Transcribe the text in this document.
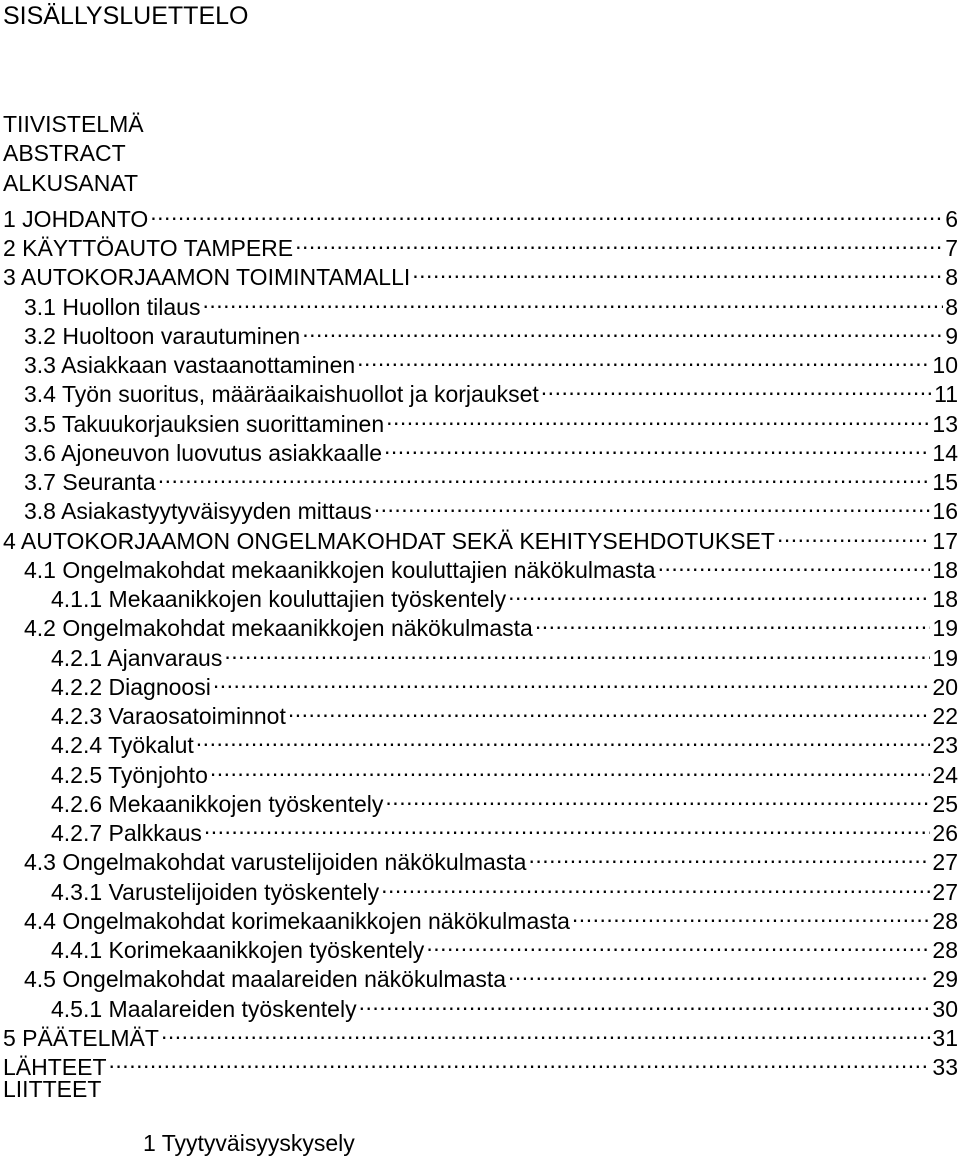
SISÄLLYSLUETTELO
TIIVISTELMÄ
ABSTRACT
ALKUSANAT
1 JOHDANTO .....	6
2 KÄYTTÖAUTO TAMPERE .....	7
3 AUTOKORJAAMON TOIMINTAMALLI .....	8
3.1 Huollon tilaus .....	8
3.2 Huoltoon varautuminen .....	9
3.3 Asiakkaan vastaanottaminen .....	10
3.4 Työn suoritus, määräaikaishuollot ja korjaukset .....	11
3.5 Takuukorjauksien suorittaminen .....	13
3.6 Ajoneuvon luovutus asiakkaalle .....	14
3.7 Seuranta .....	15
3.8 Asiakastyytyväisyyden mittaus .....	16
4 AUTOKORJAAMON ONGELMAKOHDAT SEKÄ KEHITYSEHDOTUKSET .....	17
4.1 Ongelmakohdat mekaanikkojen kouluttajien näkökulmasta .....	18
4.1.1 Mekaanikkojen kouluttajien työskentely .....	18
4.2 Ongelmakohdat mekaanikkojen näkökulmasta .....	19
4.2.1 Ajanvaraus .....	19
4.2.2 Diagnoosi .....	20
4.2.3 Varaosatoiminnot .....	22
4.2.4 Työkalut .....	23
4.2.5 Työnjohto .....	24
4.2.6 Mekaanikkojen työskentely .....	25
4.2.7 Palkkaus .....	26
4.3 Ongelmakohdat varustelijoiden näkökulmasta .....	27
4.3.1 Varustelijoiden työskentely .....	27
4.4 Ongelmakohdat korimekaanikkojen näkökulmasta .....	28
4.4.1 Korimekaanikkojen työskentely .....	28
4.5 Ongelmakohdat maalareiden näkökulmasta .....	29
4.5.1 Maalareiden työskentely .....	30
5 PÄÄTELMÄT .....	31
LÄHTEET .....	33
LIITTEET
1 Tyytyväisyyskysely
